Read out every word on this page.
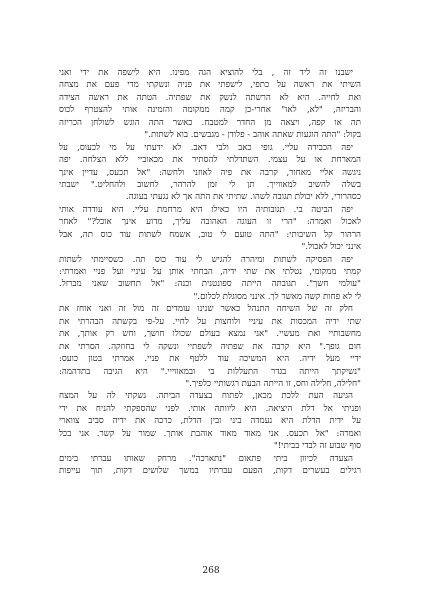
ישבנו זה ליד זה , בלי להוציא הגה מפינו. היא לישפה את ידי ואני
השיתי את ראשה על כתפי, לישפתי את פניה ונשקתי מדי פעם את מצחה
ואת לחייה. היא לא הרשתה לנשק את שפתיה. הטתה את ראשה הצידה
והבריזה, "לא, לאו" אחרי-כן קמה ממקומה והזמינה אותי להצטרף לכוס
תה או קפה, ויצאה מן החדר למטבח. כאשר התה הוגש לשולחן הכריזה
בקול: "התה הוגעות שאתה אוהב - פלודן - מגבשים. בוא לשתות."
יפה הכבידה עליי. גופי כאב ולבי דאב. לא ידעתי על מי לכעוס, על
המארחת או על עצמי. השתדלתי להסתיר את מכאוביי ללא הצלחה. יפה
ניגשה אליי מאחור, קרבה את פיה לאוזני ולחשה: "אל תכעס, עדיין אינך
בשלה להשיב למאווייך. תן לי זמן להרהר, לחשוב ולהחליט." ישבתי
כסהרורי, ללא יכולת תגובה לשהו. שתיתי את התה אך לא נגעתי בעוגה.
יפה הביטה בי. תגובותיה היו כאילו היא מרחמת עליי. היא עודדה אותי
לאכול ואמרה: "הרי זו העוגה האהובה עליך, מדוע אינך אוכל?" לאחר
הרהור קל השיבותי: "התה טועם לי טוב, אשמח לשתות עוד כוס תה, אבל
אינני יכול לאכול."
יפה הפסיקה לשתות ומיהרה להגיש לי עוד כוס תה. כשסיימתי לשתות
קמתי ממקומי, נטלתי את שתי ידיה, הבחתי אותן על עיניי ועל פניי ואמרתי:
"עולמי חשך". תגובתה הייתה ספונטנית וכנה: "אל תחשוב שאני מברזל.
לי לא פחות קשה מאשר לך. אינני מסוגלת לכלום."
חלק זה של השיחה התנהל כאשר שנינו עומדים זה מול זה ואני אוחז את
שתי ידיה המכסות את עיניי ולוחצות על לחיי. על-פי בקשתה הבהרתי את
מחשבותיי ואת מעשיי. "אני נמצא בעולם שכולו חושך, וחש רק אותך, את
חום גופך." היא קרבה את שפתיה לשפתיי ונשקה לי בחוזקה. הסרתי את
ידיי מעל ידיה. היא המשיכה עוד ללטף את פניי. אמרתי בטון כועס:
"נשיקתך הייתה בגדר התעללות בי ובמאווייי." היא הגיבה בתדהמה:
"חלילה, חלילה וחס, זו הייתה הבעת רגשותיי כלפיך."
הגיעה העת ללכת מכאן, לפתוח בצעדה הביתה. נשקתי לה על המצח
ופניתי אל דלת היציאה. היא ליוותה אותי. לפני שהספקתי להניח את ידי
על ידית הדלת היא נעמדה ביני ובין הדלת, כרכה את ידיה סביב צווארי
ואמרה: "אל תכעס. אני מאוד מאוד אוהבת אותך. שמור על קשר. אני בכל
סוף שבוע זה לבדי בביתי!"
הצעדה לכיוון ביתי פתאום "נתארכה". מרחק שאותו עברתי בימים
רגילים בעשרים דקות, הפעם עברתיו במשך שלושים דקות, תוך עייפות
268
